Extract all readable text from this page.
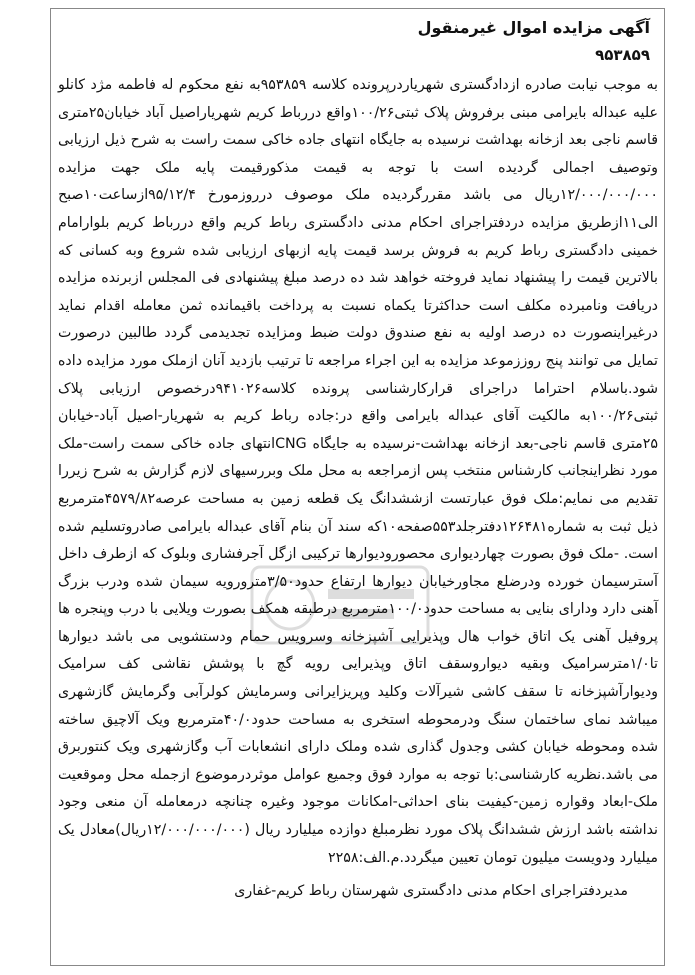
آگهی مزایده اموال غیرمنقول
۹۵۳۸۵۹
به موجب نیابت صادره ازدادگستری شهریاردرپرونده کلاسه ۹۵۳۸۵۹به نفع محکوم له فاطمه مژد کانلو علیه عبداله بایرامی مبنی برفروش پلاک ثبتی۱۰۰/۲۶واقع درر‌باط کریم شهریاراصیل آباد خیابان۲۵متری قاسم ناجی بعد ازخانه بهداشت نرسیده به جایگاه انتهای جاده خاکی سمت راست به شرح ذیل ارزیابی وتوصیف اجمالی گردیده است با توجه به قیمت مذکورقیمت پایه ملک جهت مزایده ۱۲/۰۰۰/۰۰۰/۰۰۰ریال می باشد مقررگردیده ملک موصوف درروزمورخ ۹۵/۱۲/۴ازساعت۱۰صبح الی۱۱ازطریق مزایده دردفتراجرای احکام مدنی دادگستری رباط کریم واقع دررباط کریم بلوارامام خمینی دادگستری رباط کریم به فروش برسد قیمت پایه ازبهای ارزیابی شده شروع وبه کسانی که بالاترین قیمت را پیشنهاد نماید فروخته خواهد شد ده درصد مبلغ پیشنهادی فی المجلس ازبرنده مزایده دریافت ونامبرده مکلف است حداکثرتا یکماه نسبت به پرداخت باقیمانده ثمن معامله اقدام نماید درغیراینصورت ده درصد اولیه به نفع صندوق دولت ضبط ومزایده تجدیدمی گردد طالبین درصورت تمایل می توانند پنج روززموعد مزایده به این اجراء مراجعه تا ترتیب بازدید آنان ازملک مورد مزایده داده شود.باسلام احتراما دراجرای قرارکارشناسی پرونده کلاسه۹۴۱۰۲۶درخصوص ارزیابی پلاک ثبتی۱۰۰/۲۶به مالکیت آقای عبداله بایرامی واقع در:جاده رباط کریم به شهریار-اصیل آباد-خیابان ۲۵متری قاسم ناجی-بعد ازخانه بهداشت-نرسیده به جایگاه CNGانتهای جاده خاکی سمت راست-ملک مورد نظراینجانب کارشناس منتخب پس ازمراجعه به محل ملک وبررسیهای لازم گزارش به شرح زیررا تقدیم می نمایم:ملک فوق عبارتست ازششدانگ یک قطعه زمین به مساحت عرصه۴۵۷۹/۸۲مترمربع ذیل ثبت به شماره۱۲۶۴۸۱دفترجلد۵۵۳صفحه۱۰که سند آن بنام آقای عبداله بایرامی صادروتسلیم شده است. -ملک فوق بصورت چهاردیواری محصورودیوارها ترکیبی ازگل آجرفشاری وبلوک که ازطرف داخل آسترسیمان خورده ودرضلع مجاورخیابان دیوارها ارتفاع حدود۳/۵۰مترورویه سیمان شده ودرب بزرگ آهنی دارد ودارای بنایی به مساحت حدود۱۰۰/۰مترمربع درطبقه همکف بصورت ویلایی با درب وپنجره ها پروفیل آهنی یک اتاق خواب هال وپذیرایی آشپزخانه وسرویس حمام ودستشویی می باشد دیوارها تا۱/۰مترسرامیک وبقیه دیواروسقف اتاق وپذیرایی رویه گچ با پوشش نقاشی کف سرامیک ودیوارآشپزخانه تا سقف کاشی شیرآلات وکلید وپریزایرانی وسرمایش کولرآبی وگرمایش گازشهری میباشد نمای ساختمان سنگ ودرمحوطه استخری به مساحت حدود۴۰/۰مترمربع ویک آلاچیق ساخته شده ومحوطه خیابان کشی وجدول گذاری شده وملک دارای انشعابات آب وگازشهری ویک کنتوربرق می باشد.نظریه کارشناسی:با توجه به موارد فوق وجمیع عوامل موثردرموضوع ازجمله محل وموقعیت ملک-ابعاد وقواره زمین-کیفیت بنای احداثی-امکانات موجود وغیره چنانچه درمعامله آن منعی وجود نداشته باشد ارزش ششدانگ پلاک مورد نظرمبلغ دوازده میلیارد ریال (۱۲/۰۰۰/۰۰۰/۰۰۰ریال)معادل یک میلیارد ودویست میلیون تومان تعیین میگردد.م.الف:۲۲۵۸
مدیردفتراجرای احکام مدنی دادگستری شهرستان رباط کریم-غفاری
